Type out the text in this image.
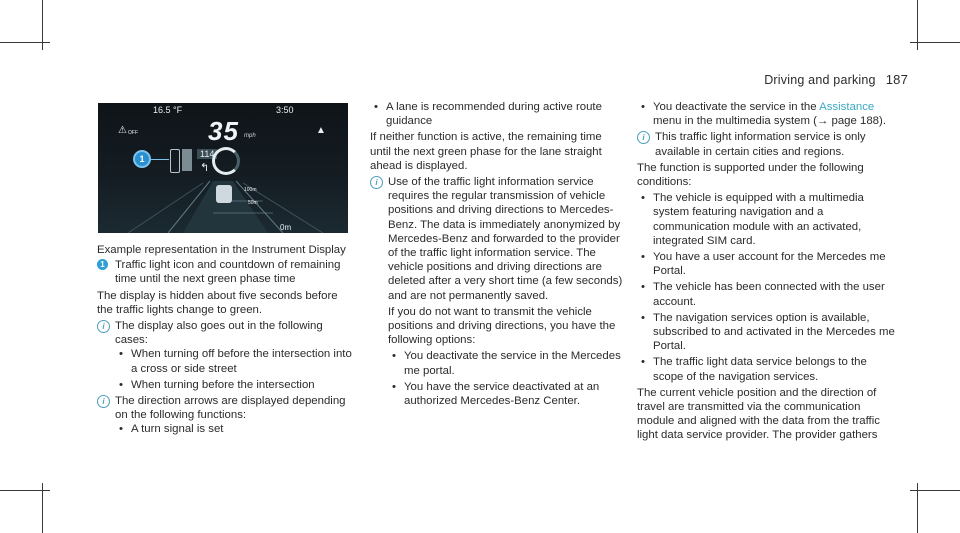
Driving and parking 187
16.5 °F	3:50
35 mph
⚠ OFF	▲
114
↰
1
100m
50m
0m

Example representation in the Instrument Display

1 Traffic light icon and countdown of remaining time until the next green phase time

The display is hidden about five seconds before the traffic lights change to green.

i The display also goes out in the following cases:
• When turning off before the intersection into a cross or side street
• When turning before the intersection
i The direction arrows are displayed depending on the following functions:
• A turn signal is set
• A lane is recommended during active route guidance

If neither function is active, the remaining time until the next green phase for the lane straight ahead is displayed.

i Use of the traffic light information service requires the regular transmission of vehicle positions and driving directions to Mercedes-Benz. The data is immediately anonymized by Mercedes-Benz and forwarded to the provider of the traffic light information service. The vehicle positions and driving directions are deleted after a very short time (a few seconds) and are not permanently saved.

If you do not want to transmit the vehicle positions and driving directions, you have the following options:

• You deactivate the service in the Mercedes me portal.
• You have the service deactivated at an authorized Mercedes-Benz Center.
• You deactivate the service in the Assistance menu in the multimedia system (→ page 188).
i This traffic light information service is only available in certain cities and regions.

The function is supported under the following conditions:

• The vehicle is equipped with a multimedia system featuring navigation and a communication module with an activated, integrated SIM card.
• You have a user account for the Mercedes me Portal.
• The vehicle has been connected with the user account.
• The navigation services option is available, subscribed to and activated in the Mercedes me Portal.
• The traffic light data service belongs to the scope of the navigation services.

The current vehicle position and the direction of travel are transmitted via the communication module and aligned with the data from the traffic light data service provider. The provider gathers
